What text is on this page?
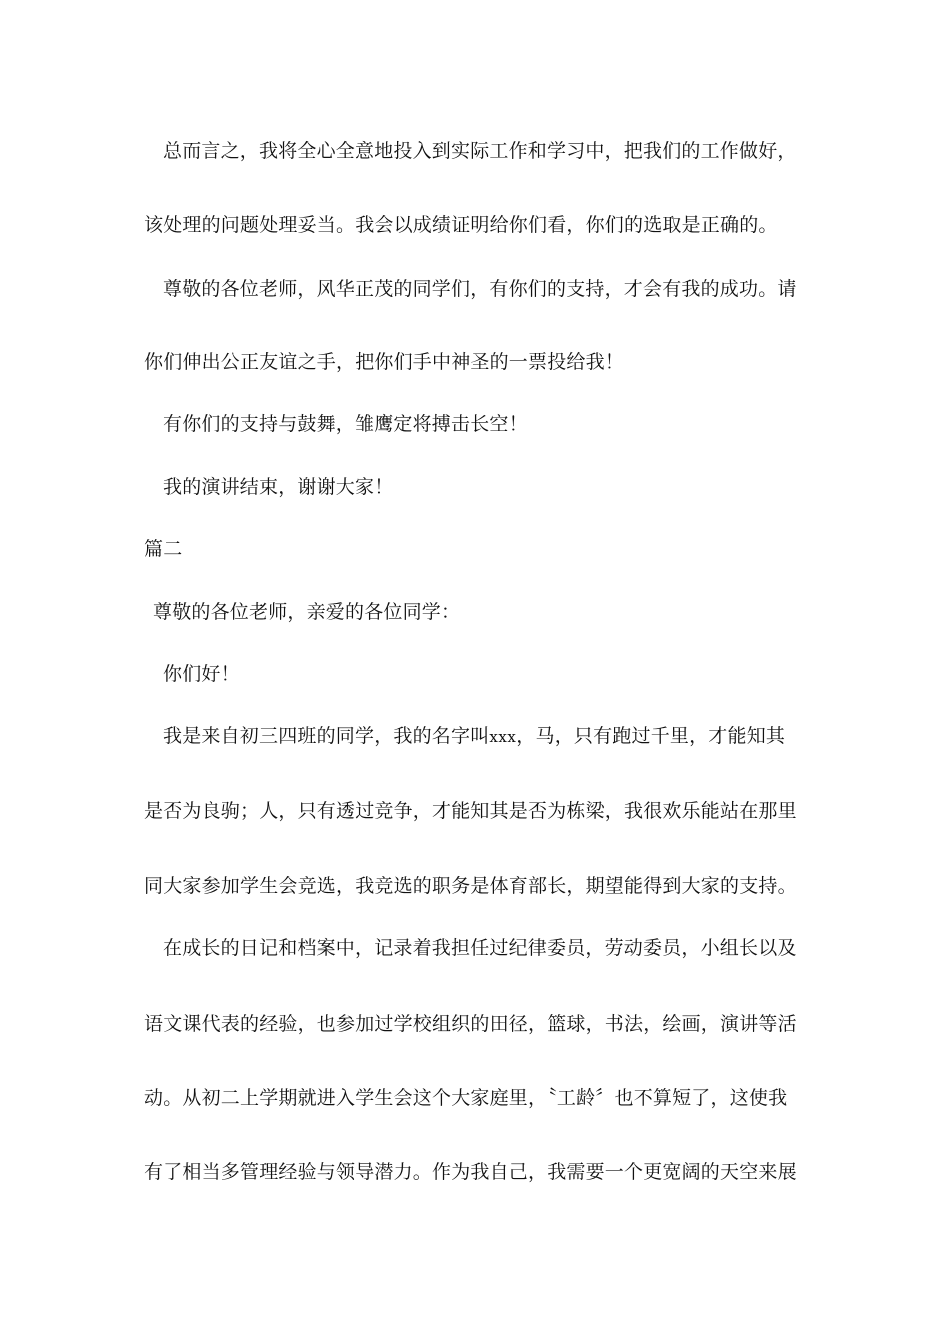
总而言之，我将全心全意地投入到实际工作和学习中，把我们的工作做好，
该处理的问题处理妥当。我会以成绩证明给你们看，你们的选取是正确的。
尊敬的各位老师，风华正茂的同学们，有你们的支持，才会有我的成功。请
你们伸出公正友谊之手，把你们手中神圣的一票投给我！
有你们的支持与鼓舞，雏鹰定将搏击长空！
我的演讲结束，谢谢大家！
篇二
尊敬的各位老师，亲爱的各位同学：
你们好！
我是来自初三四班的同学，我的名字叫xxx，马，只有跑过千里，才能知其
是否为良驹；人，只有透过竞争，才能知其是否为栋梁，我很欢乐能站在那里
同大家参加学生会竞选，我竞选的职务是体育部长，期望能得到大家的支持。
在成长的日记和档案中，记录着我担任过纪律委员，劳动委员，小组长以及
语文课代表的经验，也参加过学校组织的田径，篮球，书法，绘画，演讲等活
动。从初二上学期就进入学生会这个大家庭里，〝工龄〞也不算短了，这使我
有了相当多管理经验与领导潜力。作为我自己，我需要一个更宽阔的天空来展
